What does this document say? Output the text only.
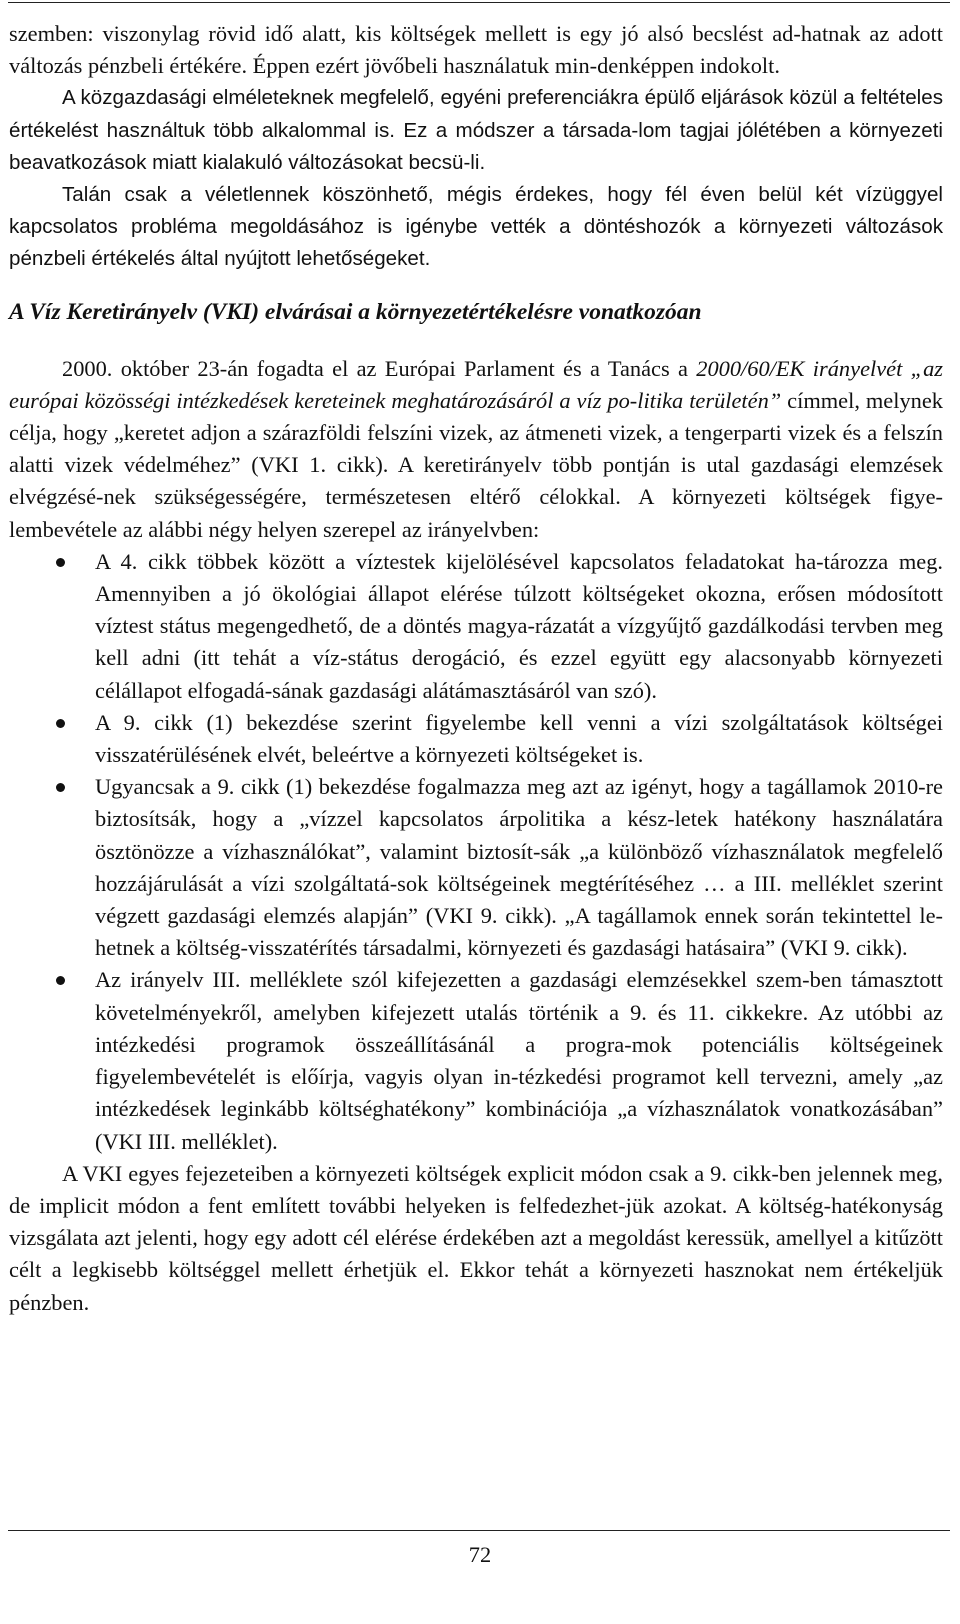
szemben: viszonylag rövid idő alatt, kis költségek mellett is egy jó alsó becslést ad-hatnak az adott változás pénzbeli értékére. Éppen ezért jövőbeli használatuk min-denképpen indokolt.

A közgazdasági elméleteknek megfelelő, egyéni preferenciákra épülő eljárások közül a feltételes értékelést használtuk több alkalommal is. Ez a módszer a társada-lom tagjai jólétében a környezeti beavatkozások miatt kialakuló változásokat becsü-li.

Talán csak a véletlennek köszönhető, mégis érdekes, hogy fél éven belül két vízüggyel kapcsolatos probléma megoldásához is igénybe vették a döntéshozók a környezeti változások pénzbeli értékelés által nyújtott lehetőségeket.

A Víz Keretirányelv (VKI) elvárásai a környezetértékelésre vonatkozóan

2000. október 23-án fogadta el az Európai Parlament és a Tanács a 2000/60/EK irányelvét „az európai közösségi intézkedések kereteinek meghatározásáról a víz po-litika területén” címmel, melynek célja, hogy „keretet adjon a szárazföldi felszíni vizek, az átmeneti vizek, a tengerparti vizek és a felszín alatti vizek védelméhez” (VKI 1. cikk). A keretirányelv több pontján is utal gazdasági elemzések elvégzésé-nek szükségességére, természetesen eltérő célokkal. A környezeti költségek figye-lembevétele az alábbi négy helyen szerepel az irányelvben:

A 4. cikk többek között a víztestek kijelölésével kapcsolatos feladatokat ha-tározza meg. Amennyiben a jó ökológiai állapot elérése túlzott költségeket okozna, erősen módosított víztest státus megengedhető, de a döntés magya-rázatát a vízgyűjtő gazdálkodási tervben meg kell adni (itt tehát a víz-státus derogáció, és ezzel együtt egy alacsonyabb környezeti célállapot elfogadá-sának gazdasági alátámasztásáról van szó).
A 9. cikk (1) bekezdése szerint figyelembe kell venni a vízi szolgáltatások költségei visszatérülésének elvét, beleértve a környezeti költségeket is.
Ugyancsak a 9. cikk (1) bekezdése fogalmazza meg azt az igényt, hogy a tagállamok 2010-re biztosítsák, hogy a „vízzel kapcsolatos árpolitika a kész-letek hatékony használatára ösztönözze a vízhasználókat”, valamint biztosít-sák „a különböző vízhasználatok megfelelő hozzájárulását a vízi szolgáltatá-sok költségeinek megtérítéséhez … a III. melléklet szerint végzett gazdasági elemzés alapján” (VKI 9. cikk). „A tagállamok ennek során tekintettel le-hetnek a költség-visszatérítés társadalmi, környezeti és gazdasági hatásaira” (VKI 9. cikk).
Az irányelv III. melléklete szól kifejezetten a gazdasági elemzésekkel szem-ben támasztott követelményekről, amelyben kifejezett utalás történik a 9. és 11. cikkekre. Az utóbbi az intézkedési programok összeállításánál a progra-mok potenciális költségeinek figyelembevételét is előírja, vagyis olyan in-tézkedési programot kell tervezni, amely „az intézkedések leginkább költséghatékony” kombinációja „a vízhasználatok vonatkozásában” (VKI III. melléklet).

A VKI egyes fejezeteiben a környezeti költségek explicit módon csak a 9. cikk-ben jelennek meg, de implicit módon a fent említett további helyeken is felfedezhet-jük azokat. A költség-hatékonyság vizsgálata azt jelenti, hogy egy adott cél elérése érdekében azt a megoldást keressük, amellyel a kitűzött célt a legkisebb költséggel mellett érhetjük el. Ekkor tehát a környezeti hasznokat nem értékeljük pénzben.

72
